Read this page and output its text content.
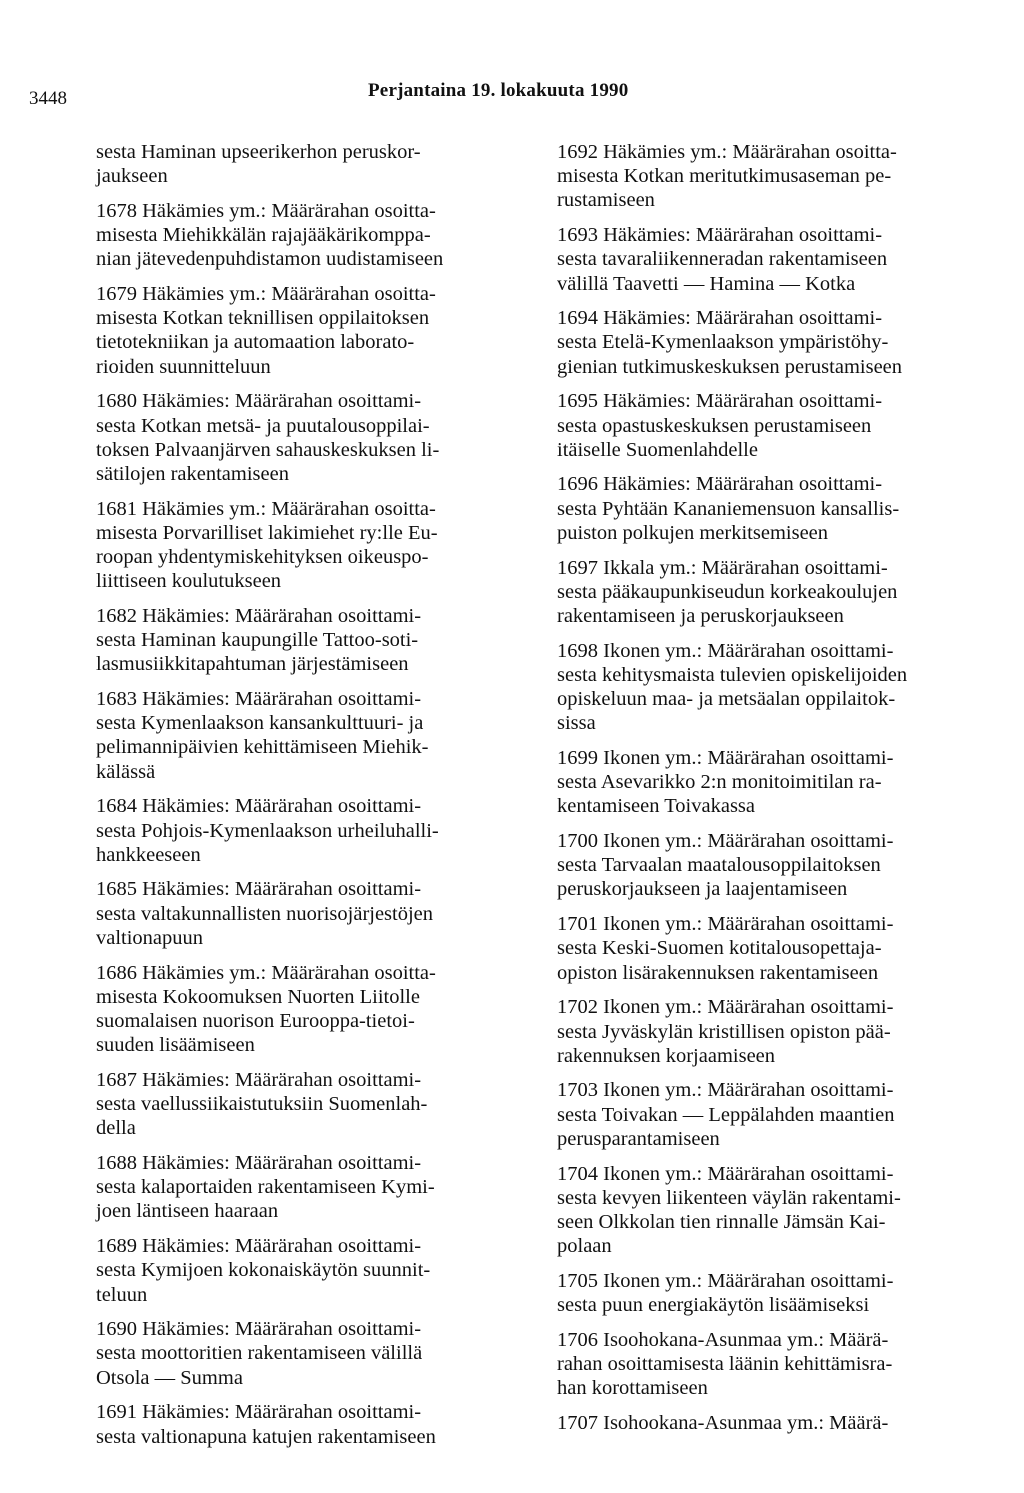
3448	Perjantaina 19. lokakuuta 1990
sesta Haminan upseerikerhon peruskor-
jaukseen
1678 Häkämies ym.: Määrärahan osoitta-
misesta Miehikkälän rajajääkärikomppa-
nian jätevedenpuhdistamon uudistamiseen
1679 Häkämies ym.: Määrärahan osoitta-
misesta Kotkan teknillisen oppilaitoksen
tietotekniikan ja automaation laborato-
rioiden suunnitteluun
1680 Häkämies: Määrärahan osoittami-
sesta Kotkan metsä- ja puutalousoppilai-
toksen Palvaanjärven sahauskeskuksen li-
sätilojen rakentamiseen
1681 Häkämies ym.: Määrärahan osoitta-
misesta Porvarilliset lakimiehet ry:lle Eu-
roopan yhdentymiskehityksen oikeuspo-
liittiseen koulutukseen
1682 Häkämies: Määrärahan osoittami-
sesta Haminan kaupungille Tattoo-soti-
lasmusiikkitapahtuman järjestämiseen
1683 Häkämies: Määrärahan osoittami-
sesta Kymenlaakson kansankulttuuri- ja
pelimannipäivien kehittämiseen Miehik-
kälässä
1684 Häkämies: Määrärahan osoittami-
sesta Pohjois-Kymenlaakson urheiluhalli-
hankkeeseen
1685 Häkämies: Määrärahan osoittami-
sesta valtakunnallisten nuorisojärjestöjen
valtionapuun
1686 Häkämies ym.: Määrärahan osoitta-
misesta Kokoomuksen Nuorten Liitolle
suomalaisen nuorison Eurooppa-tietoi-
suuden lisäämiseen
1687 Häkämies: Määrärahan osoittami-
sesta vaellussiikaistutuksiin Suomenlah-
della
1688 Häkämies: Määrärahan osoittami-
sesta kalaportaiden rakentamiseen Kymi-
joen läntiseen haaraan
1689 Häkämies: Määrärahan osoittami-
sesta Kymijoen kokonaiskäytön suunnit-
teluun
1690 Häkämies: Määrärahan osoittami-
sesta moottoritien rakentamiseen välillä
Otsola — Summa
1691 Häkämies: Määrärahan osoittami-
sesta valtionapuna katujen rakentamiseen
1692 Häkämies ym.: Määrärahan osoitta-
misesta Kotkan meritutkimusaseman pe-
rustamiseen
1693 Häkämies: Määrärahan osoittami-
sesta tavaraliikenneradan rakentamiseen
välillä Taavetti — Hamina — Kotka
1694 Häkämies: Määrärahan osoittami-
sesta Etelä-Kymenlaakson ympäristöhy-
gienian tutkimuskeskuksen perustamiseen
1695 Häkämies: Määrärahan osoittami-
sesta opastuskeskuksen perustamiseen
itäiselle Suomenlahdelle
1696 Häkämies: Määrärahan osoittami-
sesta Pyhtään Kananiemensuon kansallis-
puiston polkujen merkitsemiseen
1697 Ikkala ym.: Määrärahan osoittami-
sesta pääkaupunkiseudun korkeakoulujen
rakentamiseen ja peruskorjaukseen
1698 Ikonen ym.: Määrärahan osoittami-
sesta kehitysmaista tulevien opiskelijoiden
opiskeluun maa- ja metsäalan oppilaitok-
sissa
1699 Ikonen ym.: Määrärahan osoittami-
sesta Asevarikko 2:n monitoimitilan ra-
kentamiseen Toivakassa
1700 Ikonen ym.: Määrärahan osoittami-
sesta Tarvaalan maatalousoppilaitoksen
peruskorjaukseen ja laajentamiseen
1701 Ikonen ym.: Määrärahan osoittami-
sesta Keski-Suomen kotitalousopettaja-
opiston lisärakennuksen rakentamiseen
1702 Ikonen ym.: Määrärahan osoittami-
sesta Jyväskylän kristillisen opiston pää-
rakennuksen korjaamiseen
1703 Ikonen ym.: Määrärahan osoittami-
sesta Toivakan — Leppälahden maantien
perusparantamiseen
1704 Ikonen ym.: Määrärahan osoittami-
sesta kevyen liikenteen väylän rakentami-
seen Olkkolan tien rinnalle Jämsän Kai-
polaan
1705 Ikonen ym.: Määrärahan osoittami-
sesta puun energiakäytön lisäämiseksi
1706 Isoohokana-Asunmaa ym.: Määrä-
rahan osoittamisesta läänin kehittämisra-
han korottamiseen
1707 Isohookana-Asunmaa ym.: Määrä-
